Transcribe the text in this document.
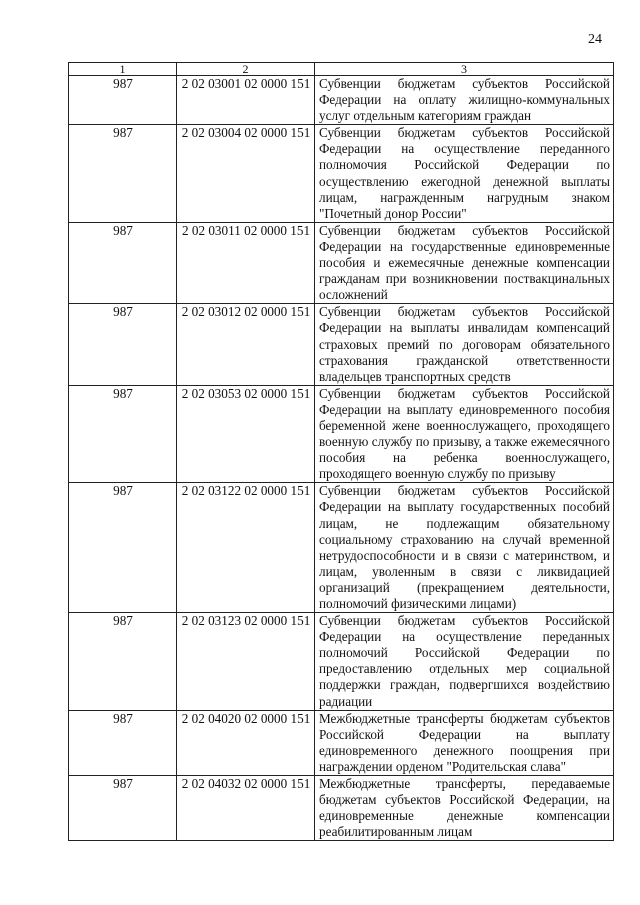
24
1	2	3
987	2 02 03001 02 0000 151	Субвенции бюджетам субъектов Российской Федерации на оплату жилищно-коммунальных услуг отдельным категориям граждан
987	2 02 03004 02 0000 151	Субвенции бюджетам субъектов Российской Федерации на осуществление переданного полномочия Российской Федерации по осуществлению ежегодной денежной выплаты лицам, награжденным нагрудным знаком "Почетный донор России"
987	2 02 03011 02 0000 151	Субвенции бюджетам субъектов Российской Федерации на государственные единовременные пособия и ежемесячные денежные компенсации гражданам при возникновении поствакцинальных осложнений
987	2 02 03012 02 0000 151	Субвенции бюджетам субъектов Российской Федерации на выплаты инвалидам компенсаций страховых премий по договорам обязательного страхования гражданской ответственности владельцев транспортных средств
987	2 02 03053 02 0000 151	Субвенции бюджетам субъектов Российской Федерации на выплату единовременного пособия беременной жене военнослужащего, проходящего военную службу по призыву, а также ежемесячного пособия на ребенка военнослужащего, проходящего военную службу по призыву
987	2 02 03122 02 0000 151	Субвенции бюджетам субъектов Российской Федерации на выплату государственных пособий лицам, не подлежащим обязательному социальному страхованию на случай временной нетрудоспособности и в связи с материнством, и лицам, уволенным в связи с ликвидацией организаций (прекращением деятельности, полномочий физическими лицами)
987	2 02 03123 02 0000 151	Субвенции бюджетам субъектов Российской Федерации на осуществление переданных полномочий Российской Федерации по предоставлению отдельных мер социальной поддержки граждан, подвергшихся воздействию радиации
987	2 02 04020 02 0000 151	Межбюджетные трансферты бюджетам субъектов Российской Федерации на выплату единовременного денежного поощрения при награждении орденом "Родительская слава"
987	2 02 04032 02 0000 151	Межбюджетные трансферты, передаваемые бюджетам субъектов Российской Федерации, на единовременные денежные компенсации реабилитированным лицам
